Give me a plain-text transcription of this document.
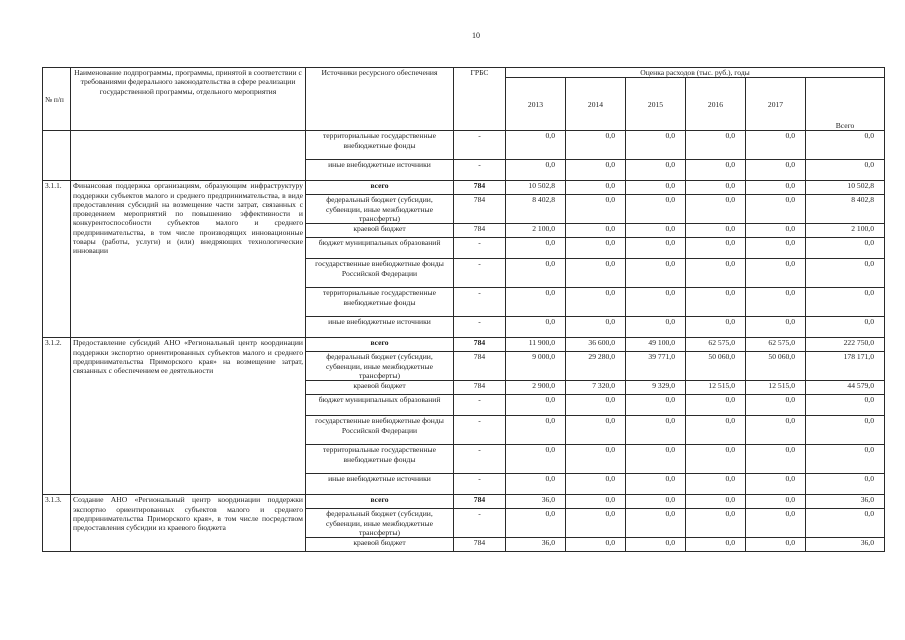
10
№ п/п	Наименование подпрограммы, программы, принятой в соответствии с требованиями федерального законодательства в сфере реализации государственной программы, отдельного мероприятия	Источники ресурсного обеспечения	ГРБС	Оценка расходов (тыс. руб.), годы					
				2013	2014	2015	2016	2017	Всего
		территориальные государственные внебюджетные фонды	-	0,0	0,0	0,0	0,0	0,0	0,0
		иные внебюджетные источники	-	0,0	0,0	0,0	0,0	0,0	0,0
3.1.1.	Финансовая поддержка организациям, образующим инфраструктуру поддержки субъектов малого и среднего предпринимательства, в виде предоставления субсидий на возмещение части затрат, связанных с проведением мероприятий по повышению эффективности и конкурентоспособности субъектов малого и среднего предпринимательства, в том числе производящих инновационные товары (работы, услуги) и (или) внедряющих технологические инновации	всего	784	10 502,8	0,0	0,0	0,0	0,0	10 502,8
		федеральный бюджет (субсидии, субвенции, иные межбюджетные трансферты)	784	8 402,8	0,0	0,0	0,0	0,0	8 402,8
		краевой бюджет	784	2 100,0	0,0	0,0	0,0	0,0	2 100,0
		бюджет муниципальных образований	-	0,0	0,0	0,0	0,0	0,0	0,0
		государственные внебюджетные фонды Российской Федерации	-	0,0	0,0	0,0	0,0	0,0	0,0
		территориальные государственные внебюджетные фонды	-	0,0	0,0	0,0	0,0	0,0	0,0
		иные внебюджетные источники	-	0,0	0,0	0,0	0,0	0,0	0,0
3.1.2.	Предоставление субсидий АНО «Региональный центр координации поддержки экспортно ориентированных субъектов малого и среднего предпринимательства Приморского края» на возмещение затрат, связанных с обеспечением ее деятельности	всего	784	11 900,0	36 600,0	49 100,0	62 575,0	62 575,0	222 750,0
		федеральный бюджет (субсидии, субвенции, иные межбюджетные трансферты)	784	9 000,0	29 280,0	39 771,0	50 060,0	50 060,0	178 171,0
		краевой бюджет	784	2 900,0	7 320,0	9 329,0	12 515,0	12 515,0	44 579,0
		бюджет муниципальных образований	-	0,0	0,0	0,0	0,0	0,0	0,0
		государственные внебюджетные фонды Российской Федерации	-	0,0	0,0	0,0	0,0	0,0	0,0
		территориальные государственные внебюджетные фонды	-	0,0	0,0	0,0	0,0	0,0	0,0
		иные внебюджетные источники	-	0,0	0,0	0,0	0,0	0,0	0,0
3.1.3.	Создание АНО «Региональный центр координации поддержки экспортно ориентированных субъектов малого и среднего предпринимательства Приморского края», в том числе посредством предоставления субсидии из краевого бюджета	всего	784	36,0	0,0	0,0	0,0	0,0	36,0
		федеральный бюджет (субсидии, субвенции, иные межбюджетные трансферты)	-	0,0	0,0	0,0	0,0	0,0	0,0
		краевой бюджет	784	36,0	0,0	0,0	0,0	0,0	36,0
